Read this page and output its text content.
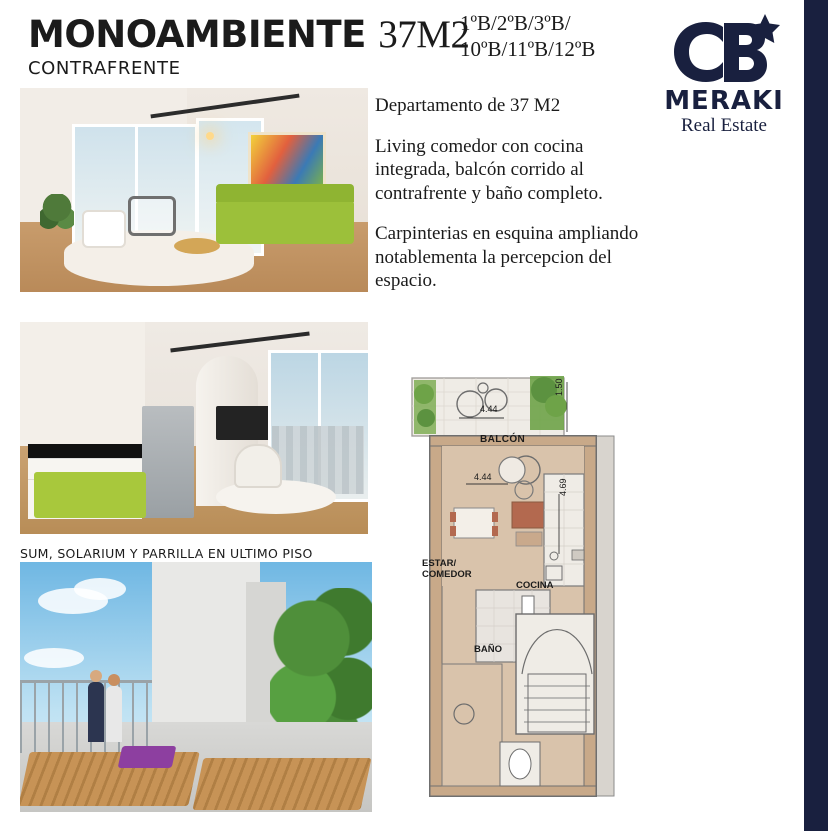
MONOAMBIENTE 37M2
CONTRAFRENTE
1ºB/2ºB/3ºB/
10ºB/11ºB/12ºB
MERAKI
Real Estate

Departamento de 37 M2

Living comedor con cocina integrada, balcón corrido al contrafrente y baño completo.

Carpinterias en esquina ampliando notablementa la percepcion del espacio.

SUM, SOLARIUM Y PARRILLA EN ULTIMO PISO
4.44
1.50
BALCÓN
4.44
4.69
ESTAR/
COMEDOR
COCINA
BAÑO
